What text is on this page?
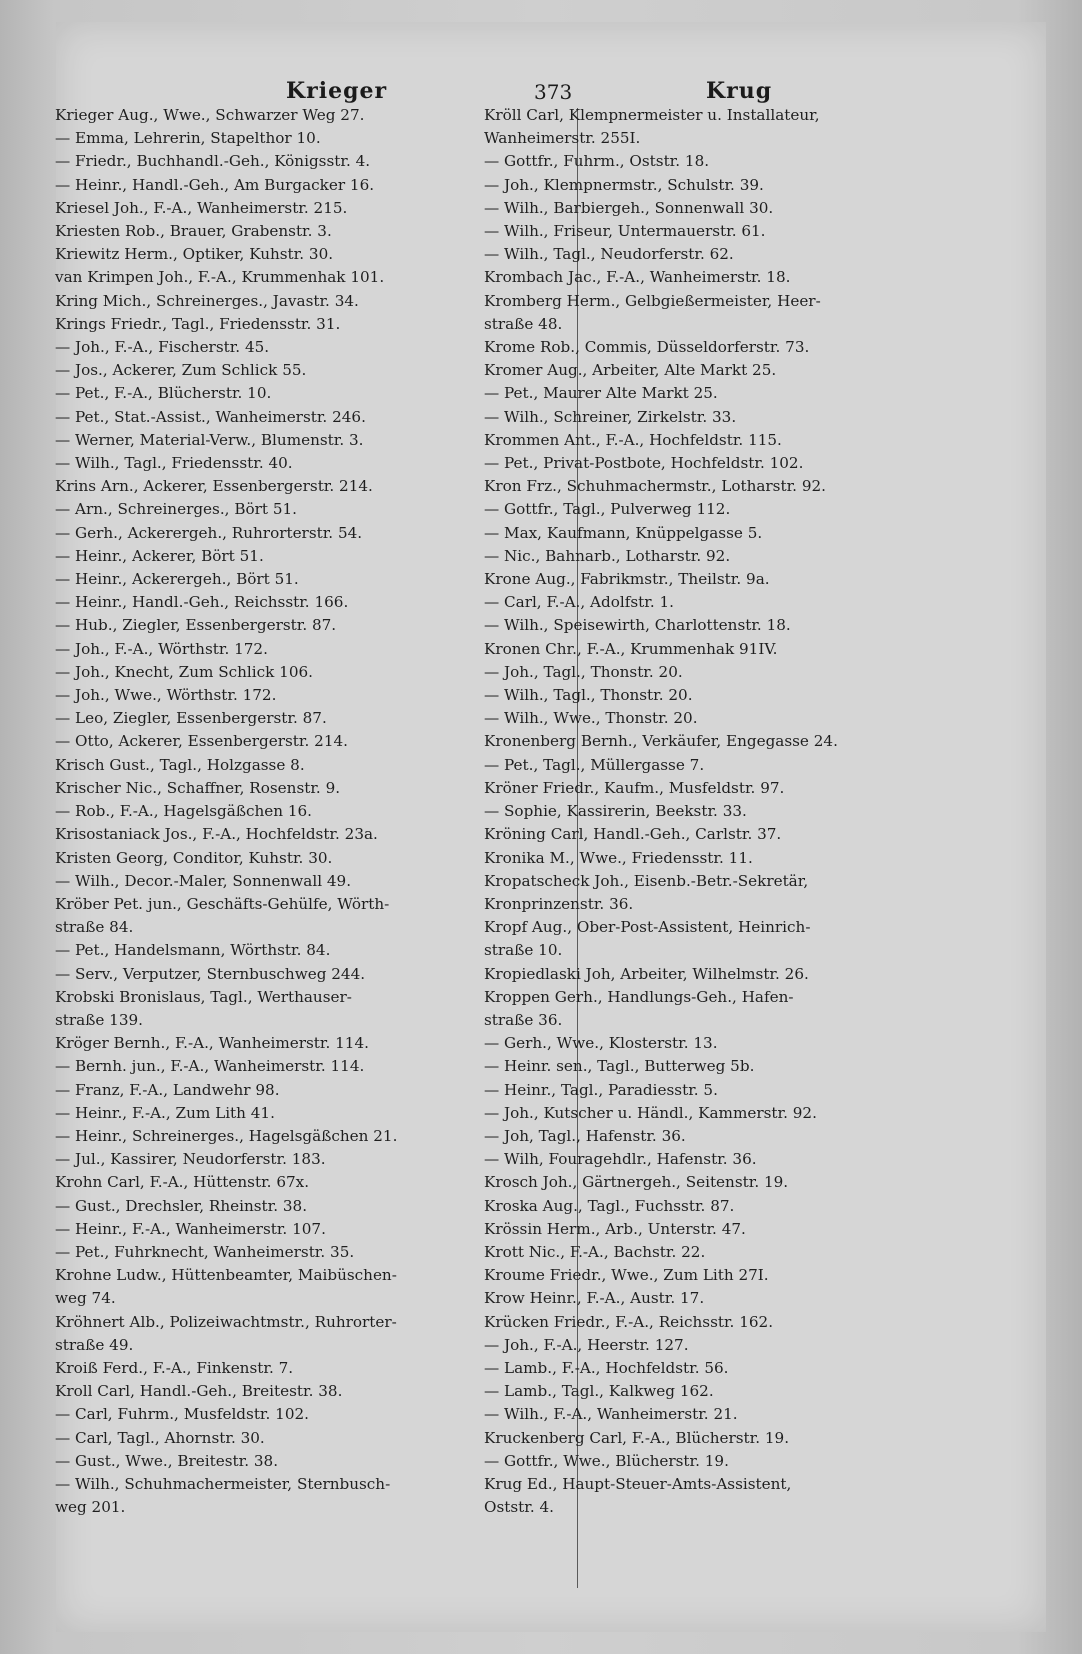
Krieger	373	Krug

Krieger Aug., Wwe., Schwarzer Weg 27.

— Emma, Lehrerin, Stapelthor 10.

— Friedr., Buchhandl.-Geh., Königsstr. 4.

— Heinr., Handl.-Geh., Am Burgacker 16.

Kriesel Joh., F.-A., Wanheimerstr. 215.

Kriesten Rob., Brauer, Grabenstr. 3.

Kriewitz Herm., Optiker, Kuhstr. 30.

van Krimpen Joh., F.-A., Krummenhak 101.

Kring Mich., Schreinerges., Javastr. 34.

Krings Friedr., Tagl., Friedensstr. 31.

— Joh., F.-A., Fischerstr. 45.

— Jos., Ackerer, Zum Schlick 55.

— Pet., F.-A., Blücherstr. 10.

— Pet., Stat.-Assist., Wanheimerstr. 246.

— Werner, Material-Verw., Blumenstr. 3.

— Wilh., Tagl., Friedensstr. 40.

Krins Arn., Ackerer, Essenbergerstr. 214.

— Arn., Schreinerges., Bört 51.

— Gerh., Ackerergeh., Ruhrorterstr. 54.

— Heinr., Ackerer, Bört 51.

— Heinr., Ackerergeh., Bört 51.

— Heinr., Handl.-Geh., Reichsstr. 166.

— Hub., Ziegler, Essenbergerstr. 87.

— Joh., F.-A., Wörthstr. 172.

— Joh., Knecht, Zum Schlick 106.

— Joh., Wwe., Wörthstr. 172.

— Leo, Ziegler, Essenbergerstr. 87.

— Otto, Ackerer, Essenbergerstr. 214.

Krisch Gust., Tagl., Holzgasse 8.

Krischer Nic., Schaffner, Rosenstr. 9.

— Rob., F.-A., Hagelsgäßchen 16.

Krisostaniack Jos., F.-A., Hochfeldstr. 23a.

Kristen Georg, Conditor, Kuhstr. 30.

— Wilh., Decor.-Maler, Sonnenwall 49.

Kröber Pet. jun., Geschäfts-Gehülfe, Wörth-

straße 84.

— Pet., Handelsmann, Wörthstr. 84.

— Serv., Verputzer, Sternbuschweg 244.

Krobski Bronislaus, Tagl., Werthauser-

straße 139.

Kröger Bernh., F.-A., Wanheimerstr. 114.

— Bernh. jun., F.-A., Wanheimerstr. 114.

— Franz, F.-A., Landwehr 98.

— Heinr., F.-A., Zum Lith 41.

— Heinr., Schreinerges., Hagelsgäßchen 21.

— Jul., Kassirer, Neudorferstr. 183.

Krohn Carl, F.-A., Hüttenstr. 67x.

— Gust., Drechsler, Rheinstr. 38.

— Heinr., F.-A., Wanheimerstr. 107.

— Pet., Fuhrknecht, Wanheimerstr. 35.

Krohne Ludw., Hüttenbeamter, Maibüschen-

weg 74.

Kröhnert Alb., Polizeiwachtmstr., Ruhrorter-

straße 49.

Kroiß Ferd., F.-A., Finkenstr. 7.

Kroll Carl, Handl.-Geh., Breitestr. 38.

— Carl, Fuhrm., Musfeldstr. 102.

— Carl, Tagl., Ahornstr. 30.

— Gust., Wwe., Breitestr. 38.

— Wilh., Schuhmachermeister, Sternbusch-

weg 201.

Kröll Carl, Klempnermeister u. Installateur,

Wanheimerstr. 255I.

— Gottfr., Fuhrm., Oststr. 18.

— Joh., Klempnermstr., Schulstr. 39.

— Wilh., Barbiergeh., Sonnenwall 30.

— Wilh., Friseur, Untermauerstr. 61.

— Wilh., Tagl., Neudorferstr. 62.

Krombach Jac., F.-A., Wanheimerstr. 18.

Kromberg Herm., Gelbgießermeister, Heer-

straße 48.

Krome Rob., Commis, Düsseldorferstr. 73.

Kromer Aug., Arbeiter, Alte Markt 25.

— Pet., Maurer Alte Markt 25.

— Wilh., Schreiner, Zirkelstr. 33.

Krommen Ant., F.-A., Hochfeldstr. 115.

— Pet., Privat-Postbote, Hochfeldstr. 102.

Kron Frz., Schuhmachermstr., Lotharstr. 92.

— Gottfr., Tagl., Pulverweg 112.

— Max, Kaufmann, Knüppelgasse 5.

— Nic., Bahnarb., Lotharstr. 92.

Krone Aug., Fabrikmstr., Theilstr. 9a.

— Carl, F.-A., Adolfstr. 1.

— Wilh., Speisewirth, Charlottenstr. 18.

Kronen Chr., F.-A., Krummenhak 91IV.

— Joh., Tagl., Thonstr. 20.

— Wilh., Tagl., Thonstr. 20.

— Wilh., Wwe., Thonstr. 20.

Kronenberg Bernh., Verkäufer, Engegasse 24.

— Pet., Tagl., Müllergasse 7.

Kröner Friedr., Kaufm., Musfeldstr. 97.

— Sophie, Kassirerin, Beekstr. 33.

Kröning Carl, Handl.-Geh., Carlstr. 37.

Kronika M., Wwe., Friedensstr. 11.

Kropatscheck Joh., Eisenb.-Betr.-Sekretär,

Kronprinzenstr. 36.

Kropf Aug., Ober-Post-Assistent, Heinrich-

straße 10.

Kropiedlaski Joh, Arbeiter, Wilhelmstr. 26.

Kroppen Gerh., Handlungs-Geh., Hafen-

straße 36.

— Gerh., Wwe., Klosterstr. 13.

— Heinr. sen., Tagl., Butterweg 5b.

— Heinr., Tagl., Paradiesstr. 5.

— Joh., Kutscher u. Händl., Kammerstr. 92.

— Joh, Tagl., Hafenstr. 36.

— Wilh, Fouragehdlr., Hafenstr. 36.

Krosch Joh., Gärtnergeh., Seitenstr. 19.

Kroska Aug., Tagl., Fuchsstr. 87.

Krössin Herm., Arb., Unterstr. 47.

Krott Nic., F.-A., Bachstr. 22.

Kroume Friedr., Wwe., Zum Lith 27I.

Krow Heinr., F.-A., Austr. 17.

Krücken Friedr., F.-A., Reichsstr. 162.

— Joh., F.-A., Heerstr. 127.

— Lamb., F.-A., Hochfeldstr. 56.

— Lamb., Tagl., Kalkweg 162.

— Wilh., F.-A., Wanheimerstr. 21.

Kruckenberg Carl, F.-A., Blücherstr. 19.

— Gottfr., Wwe., Blücherstr. 19.

Krug Ed., Haupt-Steuer-Amts-Assistent,

Oststr. 4.
